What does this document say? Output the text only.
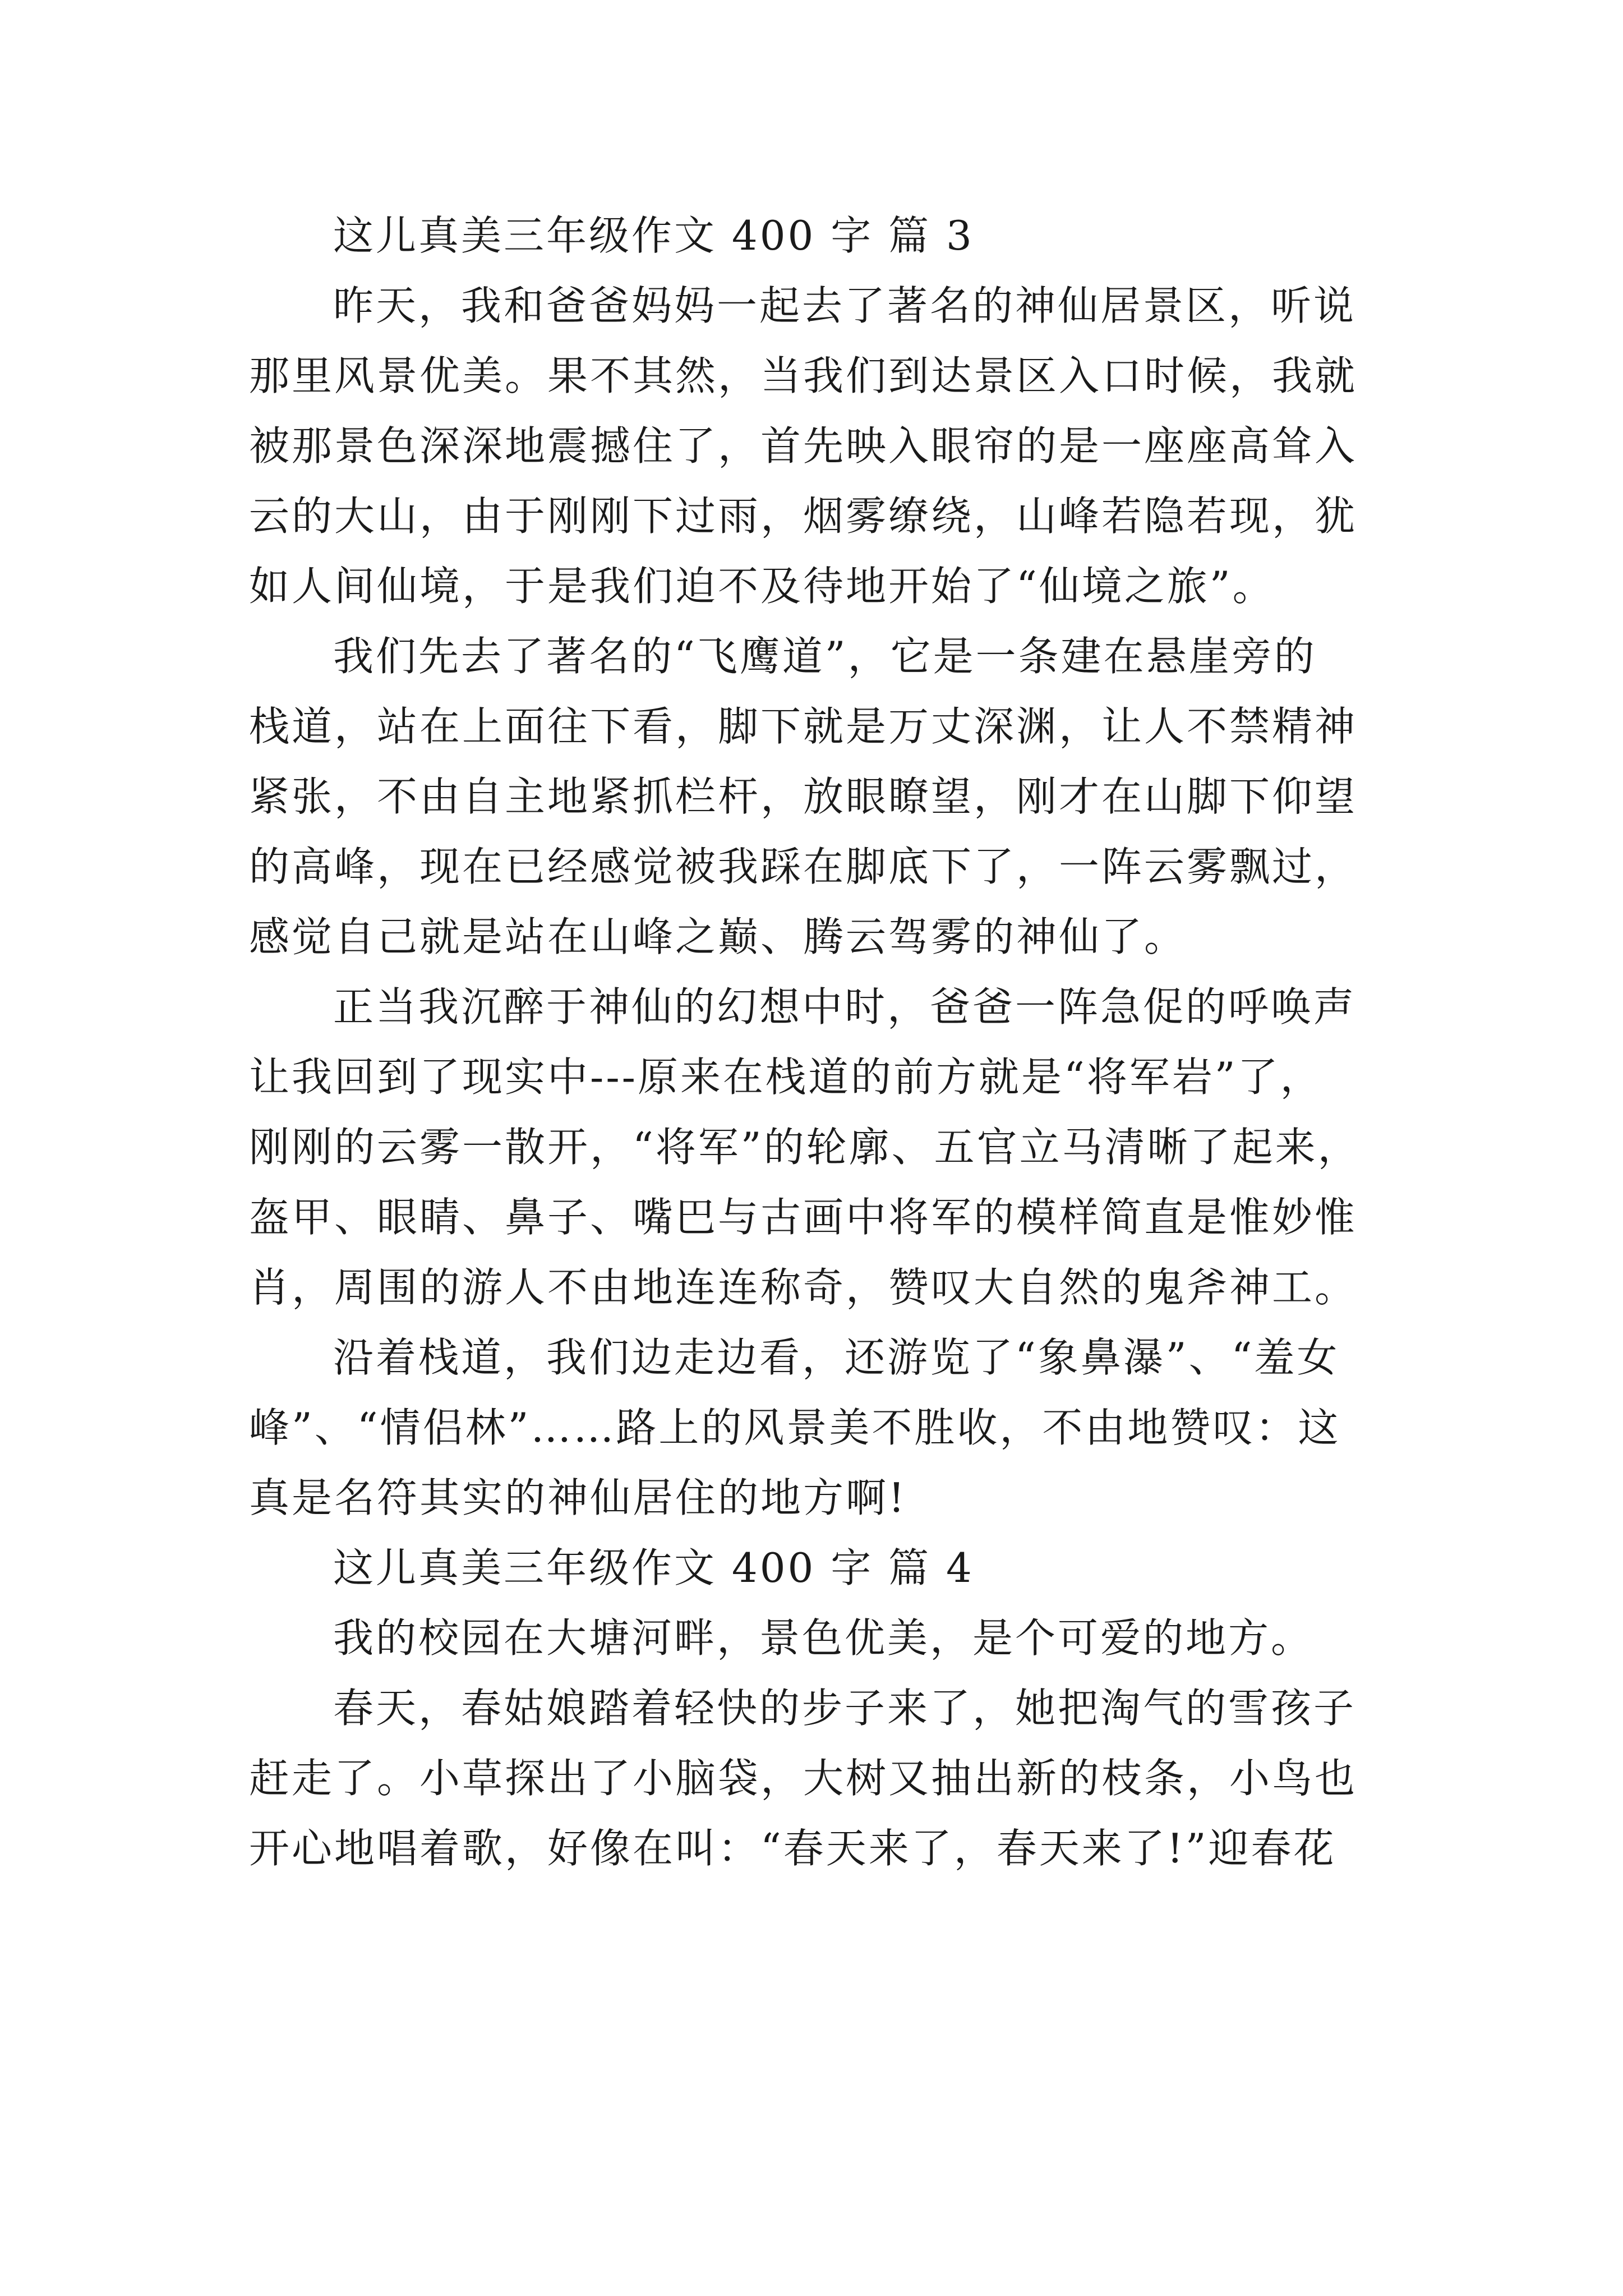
这儿真美三年级作文 400 字 篇 3
昨天，我和爸爸妈妈一起去了著名的神仙居景区，听说
那里风景优美。果不其然，当我们到达景区入口时候，我就
被那景色深深地震撼住了，首先映入眼帘的是一座座高耸入
云的大山，由于刚刚下过雨，烟雾缭绕，山峰若隐若现，犹
如人间仙境，于是我们迫不及待地开始了“仙境之旅”。
我们先去了著名的“飞鹰道”，它是一条建在悬崖旁的
栈道，站在上面往下看，脚下就是万丈深渊，让人不禁精神
紧张，不由自主地紧抓栏杆，放眼瞭望，刚才在山脚下仰望
的高峰，现在已经感觉被我踩在脚底下了，一阵云雾飘过，
感觉自己就是站在山峰之巅、腾云驾雾的神仙了。
正当我沉醉于神仙的幻想中时，爸爸一阵急促的呼唤声
让我回到了现实中---原来在栈道的前方就是“将军岩”了，
刚刚的云雾一散开，“将军”的轮廓、五官立马清晰了起来，
盔甲、眼睛、鼻子、嘴巴与古画中将军的模样简直是惟妙惟
肖，周围的游人不由地连连称奇，赞叹大自然的鬼斧神工。
沿着栈道，我们边走边看，还游览了“象鼻瀑”、“羞女
峰”、“情侣林”……路上的风景美不胜收，不由地赞叹：这
真是名符其实的神仙居住的地方啊!
这儿真美三年级作文 400 字 篇 4
我的校园在大塘河畔，景色优美，是个可爱的地方。
春天，春姑娘踏着轻快的步子来了，她把淘气的雪孩子
赶走了。小草探出了小脑袋，大树又抽出新的枝条，小鸟也
开心地唱着歌，好像在叫：“春天来了，春天来了!”迎春花
